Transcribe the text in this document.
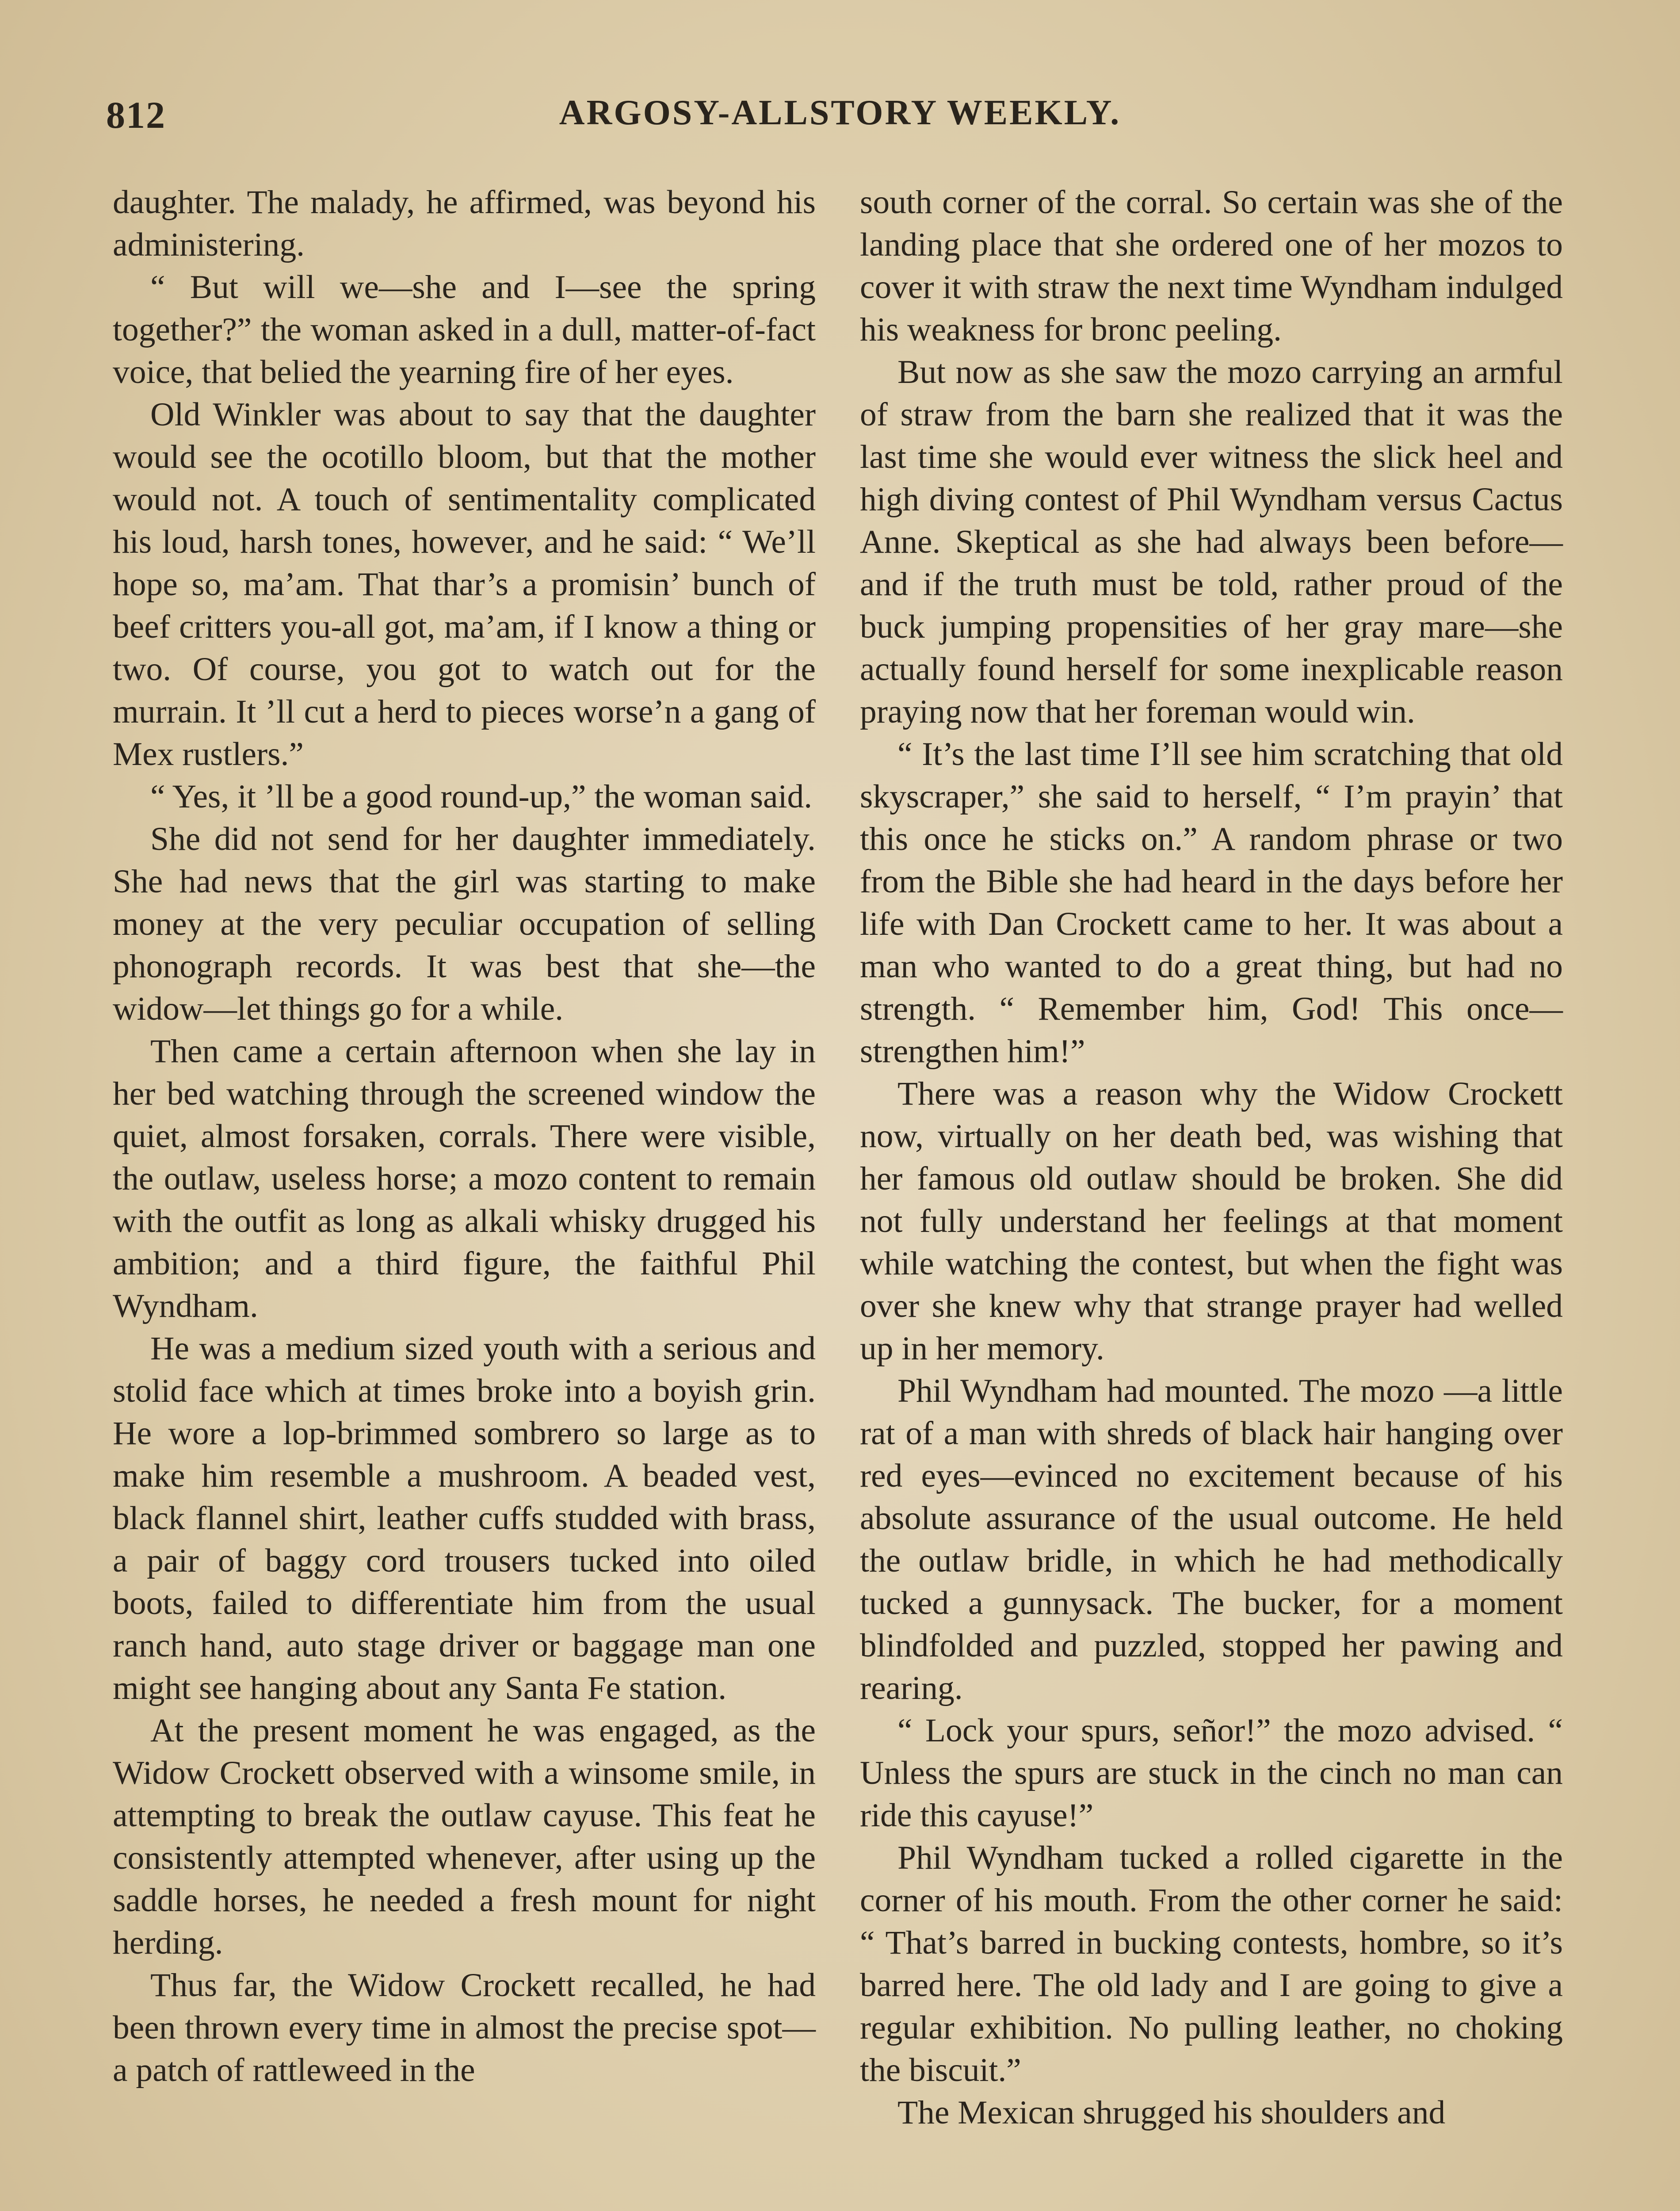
812	ARGOSY-ALLSTORY WEEKLY.

daughter. The malady, he affirmed, was beyond his administering.

“ But will we—she and I—see the spring together?” the woman asked in a dull, matter-of-fact voice, that belied the yearning fire of her eyes.

Old Winkler was about to say that the daughter would see the ocotillo bloom, but that the mother would not. A touch of sentimentality complicated his loud, harsh tones, however, and he said: “ We’ll hope so, ma’am. That thar’s a promisin’ bunch of beef critters you-all got, ma’am, if I know a thing or two. Of course, you got to watch out for the murrain. It ’ll cut a herd to pieces worse’n a gang of Mex rustlers.”

“ Yes, it ’ll be a good round-up,” the woman said.

She did not send for her daughter immediately. She had news that the girl was starting to make money at the very peculiar occupation of selling phonograph records. It was best that she—the widow—let things go for a while.

Then came a certain afternoon when she lay in her bed watching through the screened window the quiet, almost forsaken, corrals. There were visible, the outlaw, useless horse; a mozo content to remain with the outfit as long as alkali whisky drugged his ambition; and a third figure, the faithful Phil Wyndham.

He was a medium sized youth with a serious and stolid face which at times broke into a boyish grin. He wore a lop-brimmed sombrero so large as to make him resemble a mushroom. A beaded vest, black flannel shirt, leather cuffs studded with brass, a pair of baggy cord trousers tucked into oiled boots, failed to differentiate him from the usual ranch hand, auto stage driver or baggage man one might see hanging about any Santa Fe station.

At the present moment he was engaged, as the Widow Crockett observed with a winsome smile, in attempting to break the outlaw cayuse. This feat he consistently attempted whenever, after using up the saddle horses, he needed a fresh mount for night herding.

Thus far, the Widow Crockett recalled, he had been thrown every time in almost the precise spot—a patch of rattleweed in the

south corner of the corral. So certain was she of the landing place that she ordered one of her mozos to cover it with straw the next time Wyndham indulged his weakness for bronc peeling.

But now as she saw the mozo carrying an armful of straw from the barn she realized that it was the last time she would ever witness the slick heel and high diving contest of Phil Wyndham versus Cactus Anne. Skeptical as she had always been before—and if the truth must be told, rather proud of the buck jumping propensities of her gray mare—she actually found herself for some inexplicable reason praying now that her foreman would win.

“ It’s the last time I’ll see him scratching that old skyscraper,” she said to herself, “ I’m prayin’ that this once he sticks on.” A random phrase or two from the Bible she had heard in the days before her life with Dan Crockett came to her. It was about a man who wanted to do a great thing, but had no strength. “ Remember him, God! This once—strengthen him!”

There was a reason why the Widow Crockett now, virtually on her death bed, was wishing that her famous old outlaw should be broken. She did not fully understand her feelings at that moment while watching the contest, but when the fight was over she knew why that strange prayer had welled up in her memory.

Phil Wyndham had mounted. The mozo —a little rat of a man with shreds of black hair hanging over red eyes—evinced no excitement because of his absolute assurance of the usual outcome. He held the outlaw bridle, in which he had methodically tucked a gunnysack. The bucker, for a moment blindfolded and puzzled, stopped her pawing and rearing.

“ Lock your spurs, señor!” the mozo advised. “ Unless the spurs are stuck in the cinch no man can ride this cayuse!”

Phil Wyndham tucked a rolled cigarette in the corner of his mouth. From the other corner he said: “ That’s barred in bucking contests, hombre, so it’s barred here. The old lady and I are going to give a regular exhibition. No pulling leather, no choking the biscuit.”

The Mexican shrugged his shoulders and
